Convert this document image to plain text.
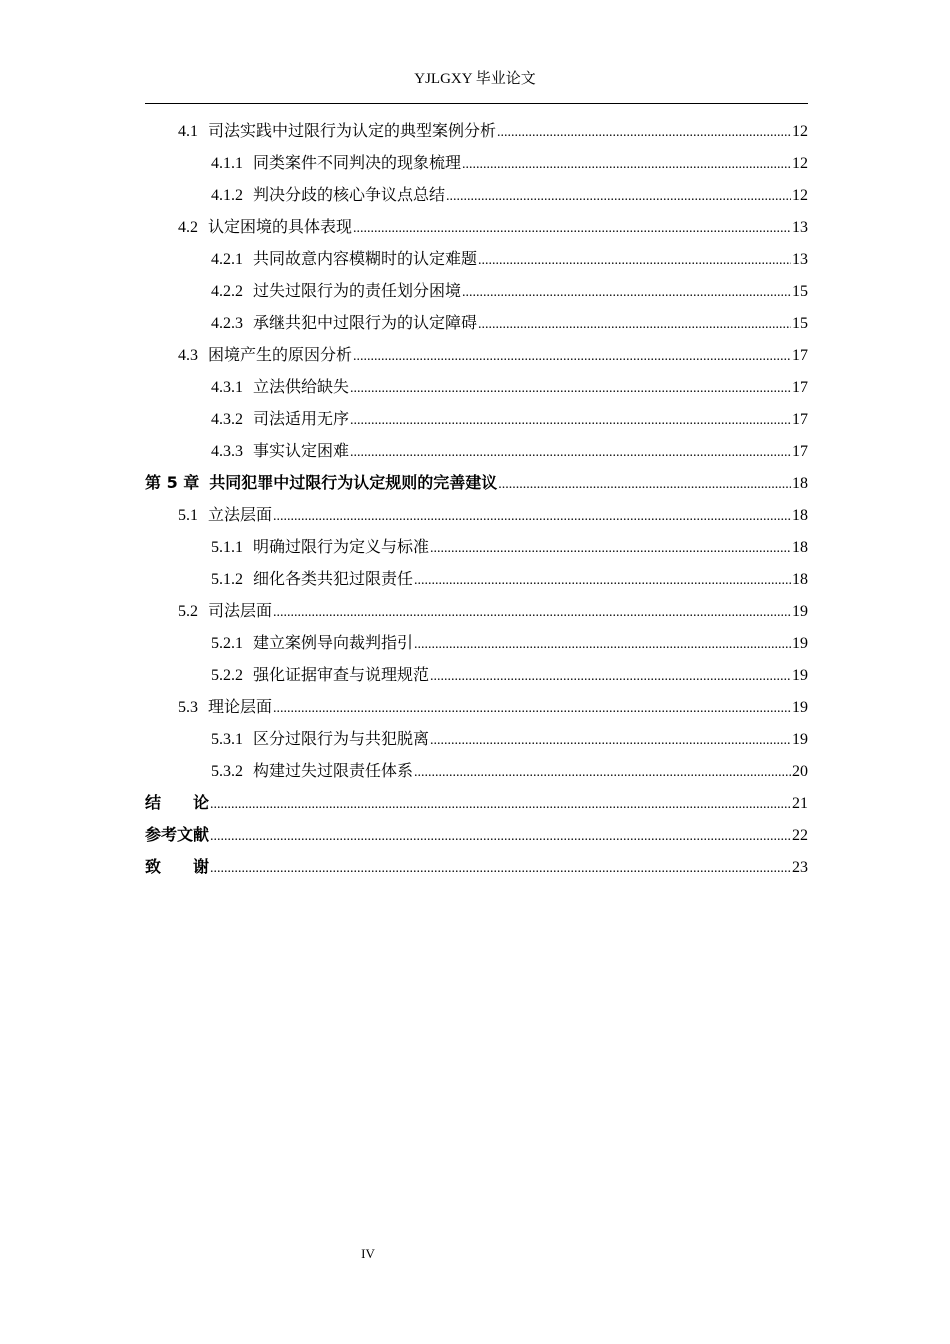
YJLGXY 毕业论文
4.1 司法实践中过限行为认定的典型案例分析 .....	12
4.1.1 同类案件不同判决的现象梳理 .....	12
4.1.2 判决分歧的核心争议点总结 .....	12
4.2 认定困境的具体表现 .....	13
4.2.1 共同故意内容模糊时的认定难题 .....	13
4.2.2 过失过限行为的责任划分困境 .....	15
4.2.3 承继共犯中过限行为的认定障碍 .....	15
4.3 困境产生的原因分析 .....	17
4.3.1 立法供给缺失 .....	17
4.3.2 司法适用无序 .....	17
4.3.3 事实认定困难 .....	17
第 5 章 共同犯罪中过限行为认定规则的完善建议 .....	18
5.1 立法层面 .....	18
5.1.1 明确过限行为定义与标准 .....	18
5.1.2 细化各类共犯过限责任 .....	18
5.2 司法层面 .....	19
5.2.1 建立案例导向裁判指引 .....	19
5.2.2 强化证据审查与说理规范 .....	19
5.3 理论层面 .....	19
5.3.1 区分过限行为与共犯脱离 .....	19
5.3.2 构建过失过限责任体系 .....	20
结　　论 .....	21
参考文献 .....	22
致　　谢 .....	23
IV
